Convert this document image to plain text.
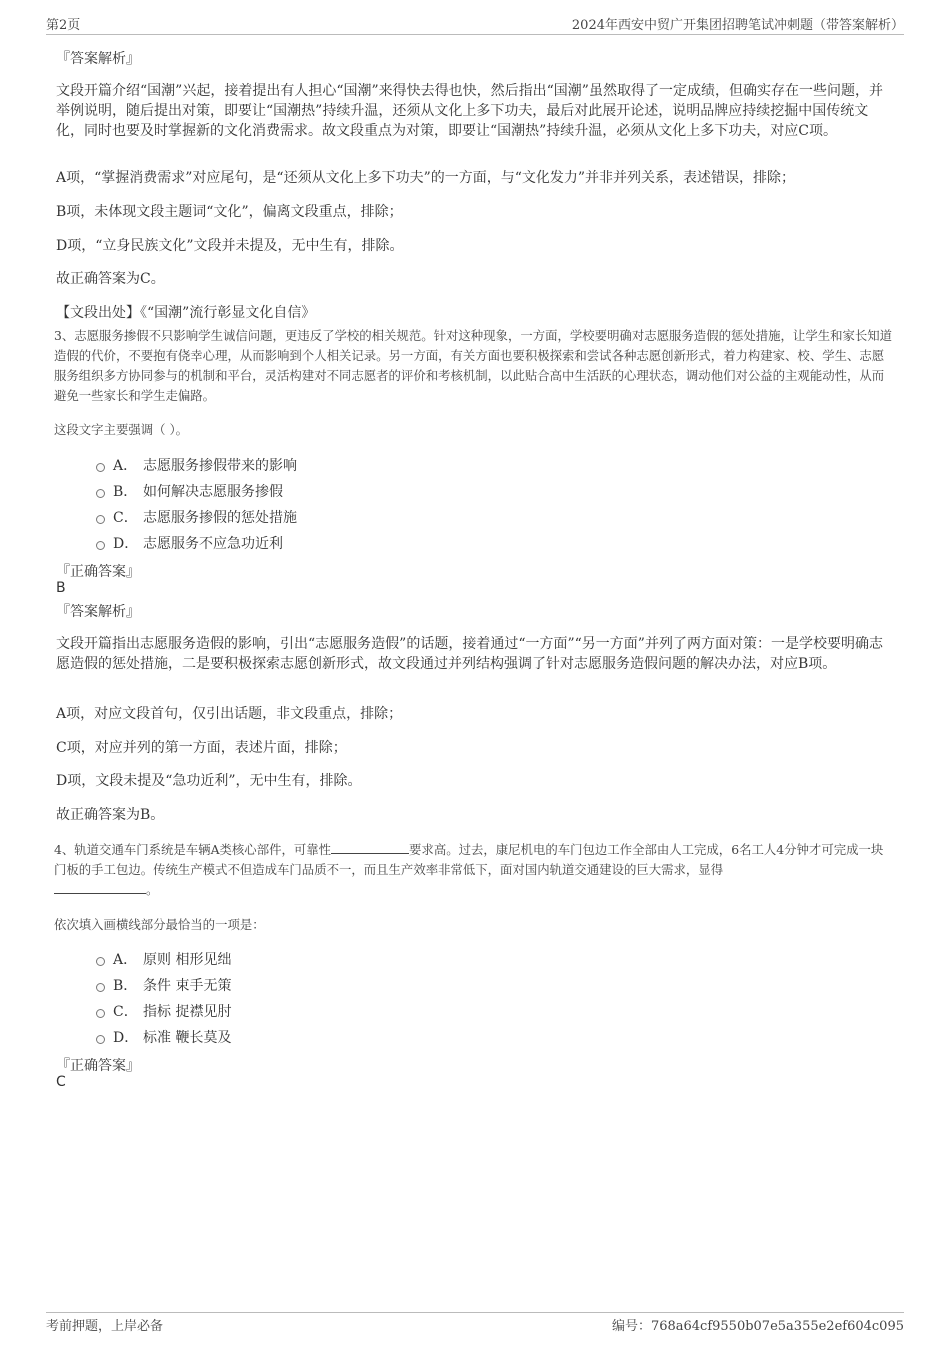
第2页	2024年西安中贸广开集团招聘笔试冲刺题（带答案解析）
『答案解析』
文段开篇介绍“国潮”兴起，接着提出有人担心“国潮”来得快去得也快，然后指出“国潮”虽然取得了一定成绩，但确实存在一些问题，并举例说明，随后提出对策，即要让“国潮热”持续升温，还须从文化上多下功夫，最后对此展开论述，说明品牌应持续挖掘中国传统文化，同时也要及时掌握新的文化消费需求。故文段重点为对策，即要让“国潮热”持续升温，必须从文化上多下功夫，对应C项。
A项，“掌握消费需求”对应尾句，是“还须从文化上多下功夫”的一方面，与“文化发力”并非并列关系，表述错误，排除；
B项，未体现文段主题词“文化”，偏离文段重点，排除；
D项，“立身民族文化”文段并未提及，无中生有，排除。
故正确答案为C。
【文段出处】《“国潮”流行彰显文化自信》
3、志愿服务掺假不只影响学生诚信问题，更违反了学校的相关规范。针对这种现象，一方面，学校要明确对志愿服务造假的惩处措施，让学生和家长知道造假的代价，不要抱有侥幸心理，从而影响到个人相关记录。另一方面，有关方面也要积极探索和尝试各种志愿创新形式，着力构建家、校、学生、志愿服务组织多方协同参与的机制和平台，灵活构建对不同志愿者的评价和考核机制，以此贴合高中生活跃的心理状态，调动他们对公益的主观能动性，从而避免一些家长和学生走偏路。
这段文字主要强调（ ）。
A． 志愿服务掺假带来的影响
B． 如何解决志愿服务掺假
C． 志愿服务掺假的惩处措施
D． 志愿服务不应急功近利
『正确答案』
B
『答案解析』
文段开篇指出志愿服务造假的影响，引出“志愿服务造假”的话题，接着通过“一方面”“另一方面”并列了两方面对策：一是学校要明确志愿造假的惩处措施，二是要积极探索志愿创新形式，故文段通过并列结构强调了针对志愿服务造假问题的解决办法，对应B项。
A项，对应文段首句，仅引出话题，非文段重点，排除；
C项，对应并列的第一方面，表述片面，排除；
D项，文段未提及“急功近利”，无中生有，排除。
故正确答案为B。
4、轨道交通车门系统是车辆A类核心部件，可靠性	要求高。过去，康尼机电的车门包边工作全部由人工完成，6名工人4分钟才可完成一块门板的手工包边。传统生产模式不但造成车门品质不一，而且生产效率非常低下，面对国内轨道交通建设的巨大需求，显得
。
依次填入画横线部分最恰当的一项是：
A． 原则 相形见绌
B． 条件 束手无策
C． 指标 捉襟见肘
D． 标准 鞭长莫及
『正确答案』
C
考前押题，上岸必备	编号：768a64cf9550b07e5a355e2ef604c095
